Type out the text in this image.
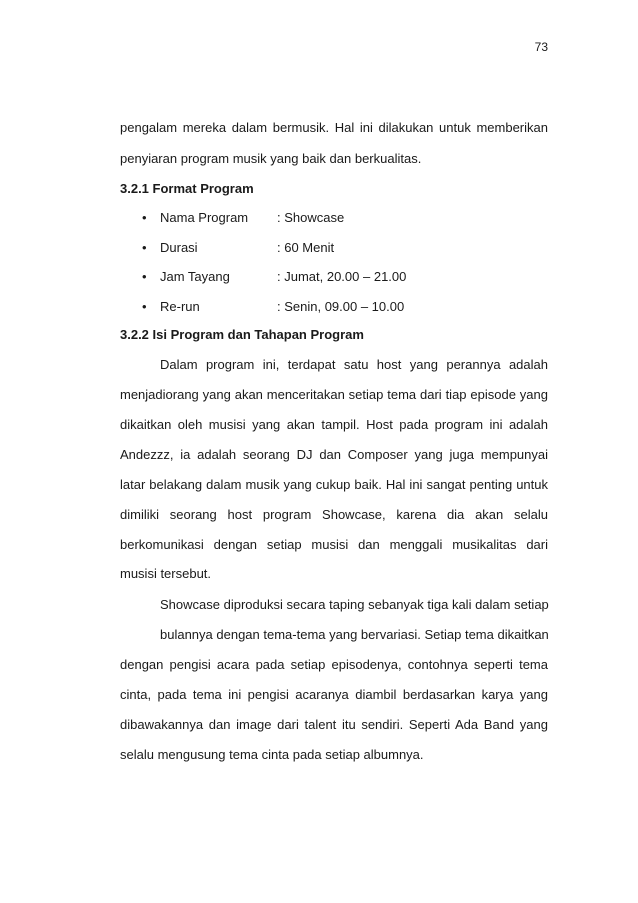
73
pengalam mereka dalam bermusik. Hal ini dilakukan untuk memberikan
penyiaran program musik yang baik dan berkualitas.
3.2.1 Format Program
• Nama Program : Showcase
• Durasi	: 60 Menit
• Jam Tayang	: Jumat, 20.00 – 21.00
• Re-run	: Senin, 09.00 – 10.00
3.2.2 Isi Program dan Tahapan Program
Dalam program ini, terdapat satu host yang perannya adalah
menjadiorang yang akan menceritakan setiap tema dari tiap episode yang
dikaitkan oleh musisi yang akan tampil. Host pada program ini adalah
Andezzz, ia adalah seorang DJ dan Composer yang juga mempunyai
latar belakang dalam musik yang cukup baik. Hal ini sangat penting untuk
dimiliki seorang host program Showcase, karena dia akan selalu
berkomunikasi dengan setiap musisi dan menggali musikalitas dari
musisi tersebut.
Showcase diproduksi secara taping sebanyak tiga kali dalam setiap
bulannya dengan tema-tema yang bervariasi. Setiap tema dikaitkan
dengan pengisi acara pada setiap episodenya, contohnya seperti tema
cinta, pada tema ini pengisi acaranya diambil berdasarkan karya yang
dibawakannya dan image dari talent itu sendiri. Seperti Ada Band yang
selalu mengusung tema cinta pada setiap albumnya.
